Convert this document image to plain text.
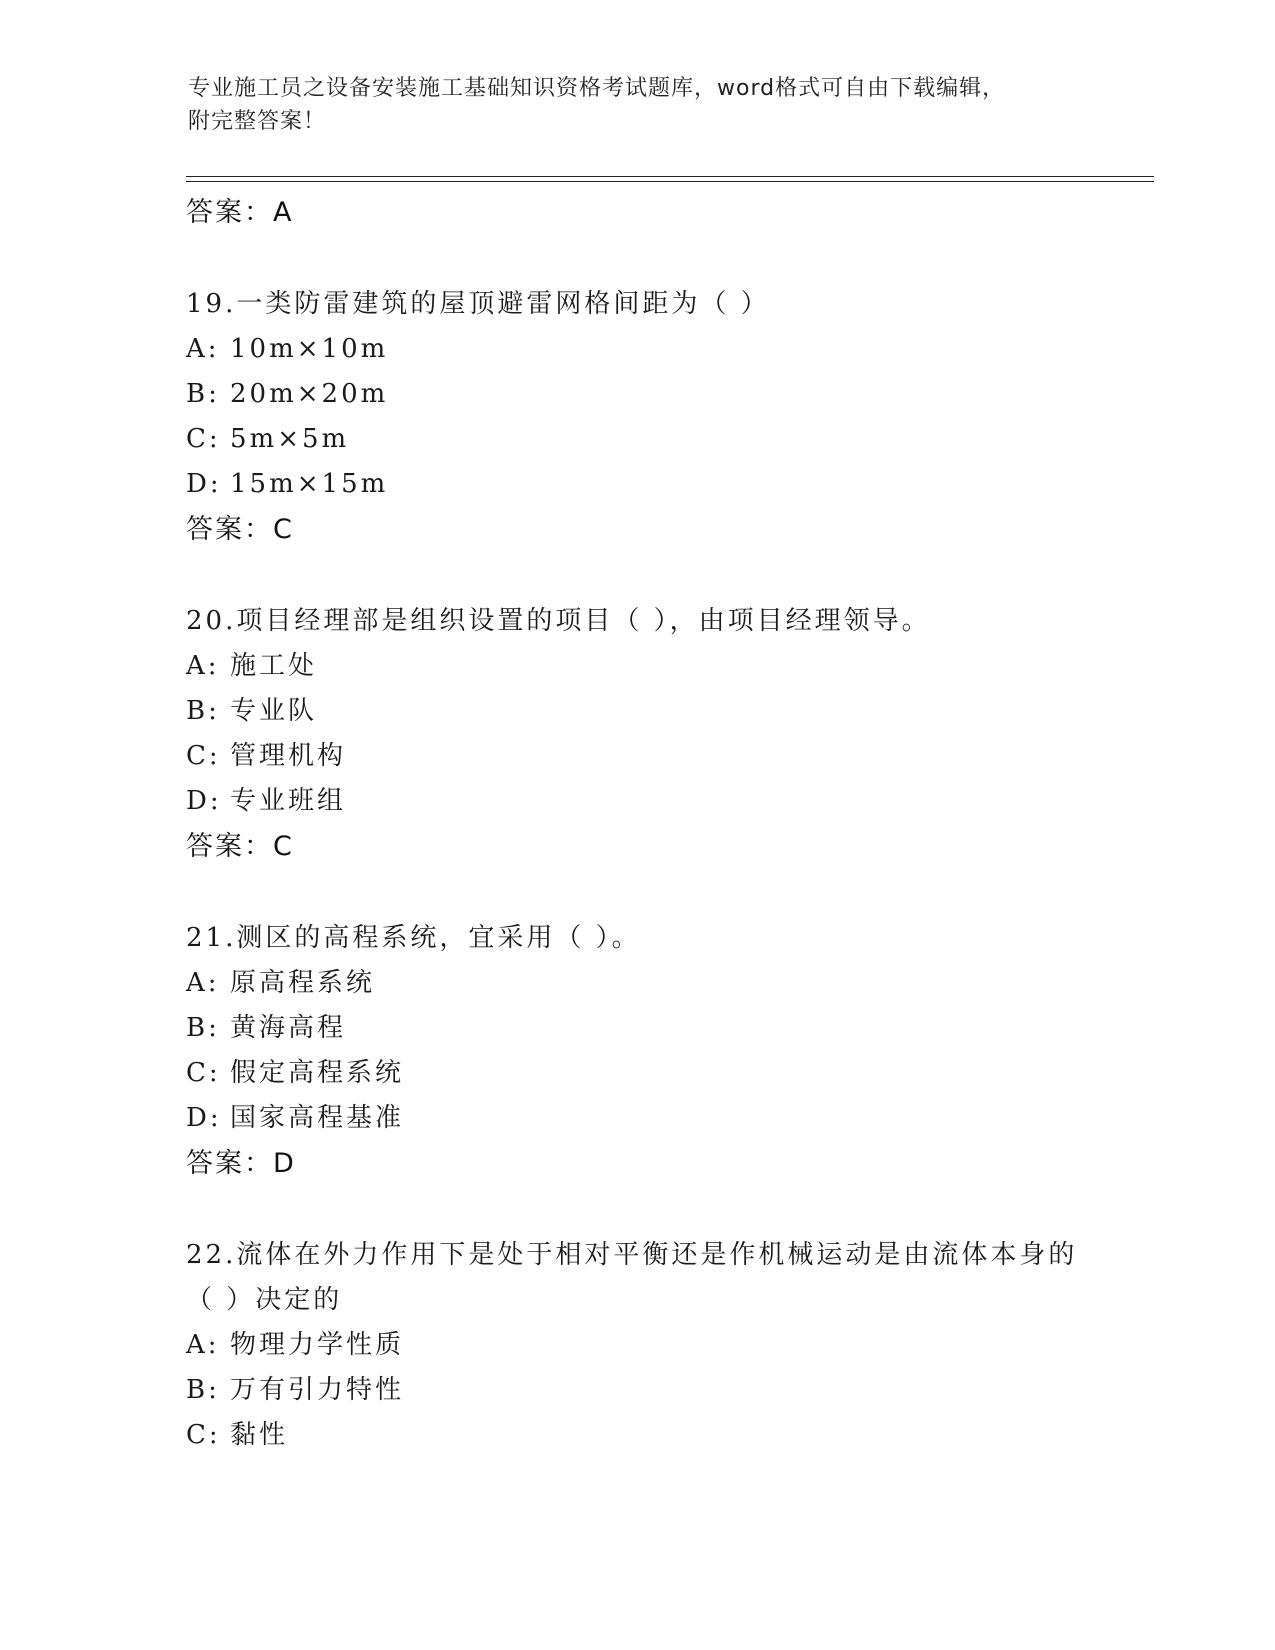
专业施工员之设备安装施工基础知识资格考试题库，word格式可自由下载编辑，
附完整答案！
答案：A
19.一类防雷建筑的屋顶避雷网格间距为（ ）
A: 10m×10m
B: 20m×20m
C: 5m×5m
D: 15m×15m
答案：C
20.项目经理部是组织设置的项目（ ），由项目经理领导。
A: 施工处
B: 专业队
C: 管理机构
D: 专业班组
答案：C
21.测区的高程系统，宜采用（ ）。
A: 原高程系统
B: 黄海高程
C: 假定高程系统
D: 国家高程基准
答案：D
22.流体在外力作用下是处于相对平衡还是作机械运动是由流体本身的
（ ）决定的
A: 物理力学性质
B: 万有引力特性
C: 黏性
